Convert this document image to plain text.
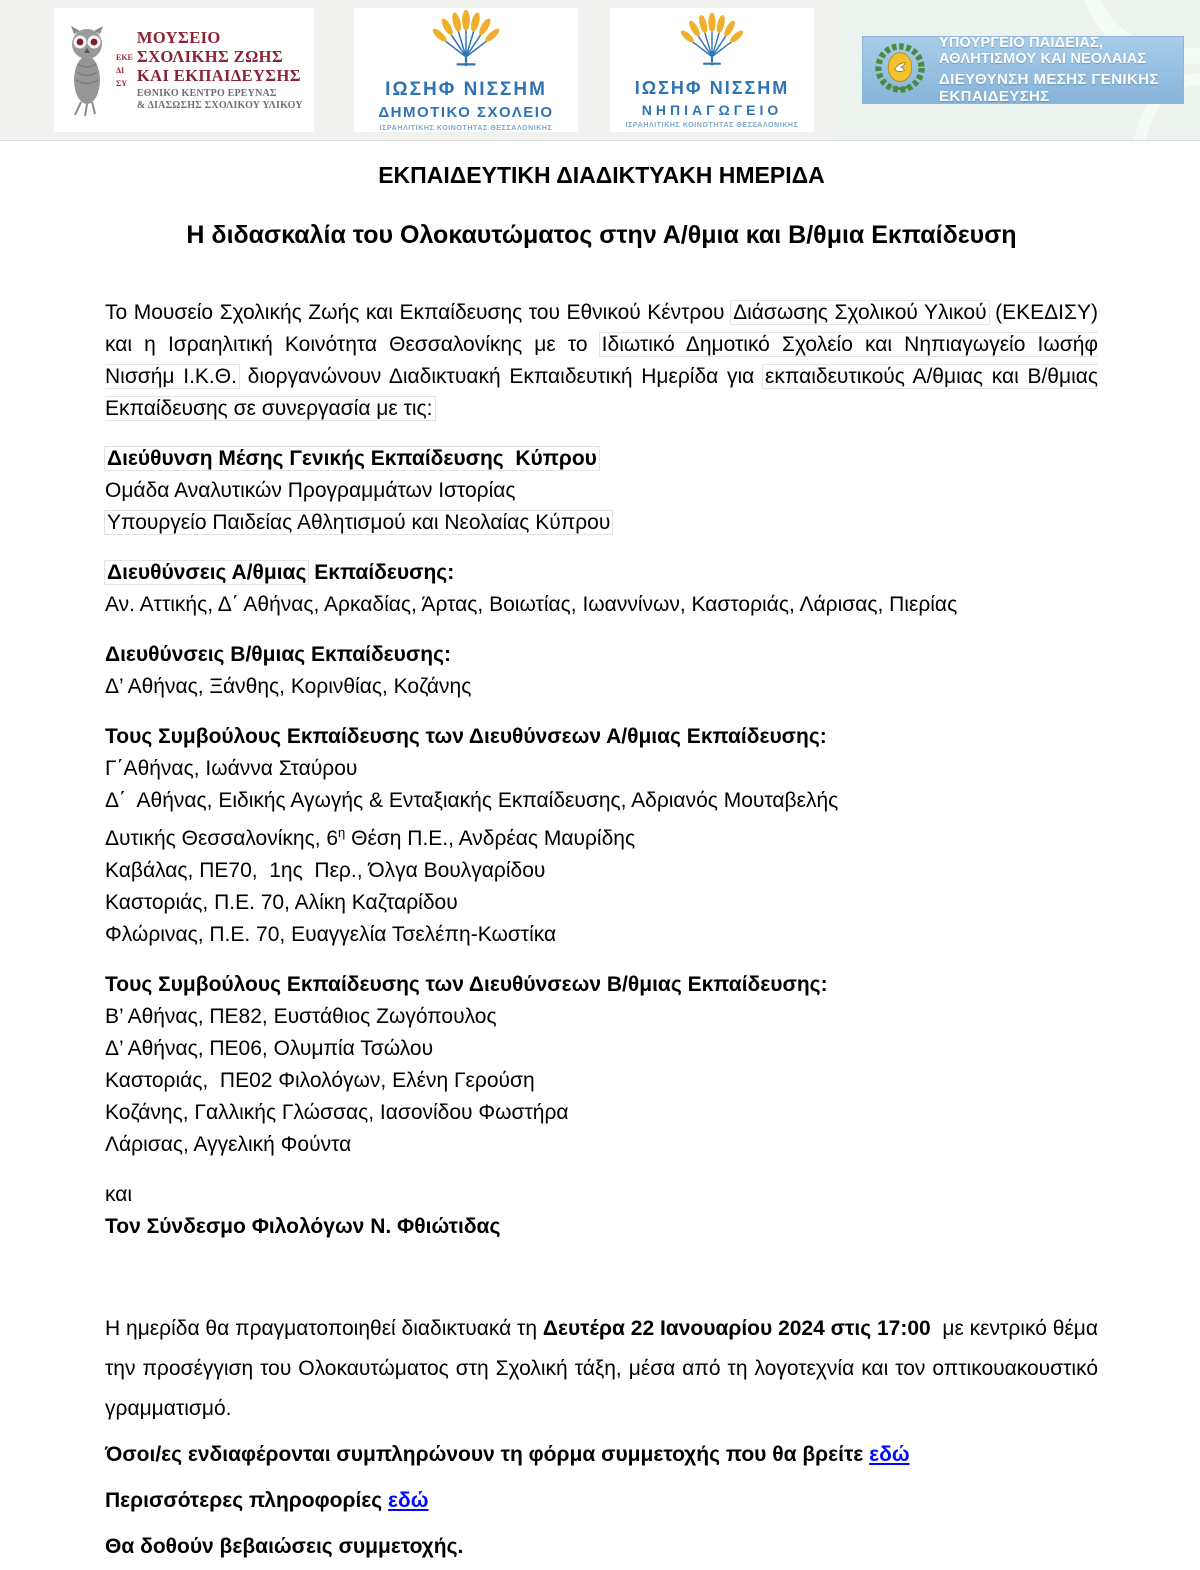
ΕΚΕ
ΔΙ
ΣΥ
ΜΟΥΣΕΙΟ
ΣΧΟΛΙΚΗΣ ΖΩΗΣ
ΚΑΙ ΕΚΠΑΙΔΕΥΣΗΣ
ΕΘΝΙΚΟ ΚΕΝΤΡΟ ΕΡΕΥΝΑΣ
& ΔΙΑΣΩΣΗΣ ΣΧΟΛΙΚΟΥ ΥΛΙΚΟΥ
ΙΩΣΗΦ ΝΙΣΣΗΜ
ΔΗΜΟΤΙΚΟ ΣΧΟΛΕΙΟ
ΙΣΡΑΗΛΙΤΙΚΗΣ ΚΟΙΝΟΤΗΤΑΣ ΘΕΣΣΑΛΟΝΙΚΗΣ
ΙΩΣΗΦ ΝΙΣΣΗΜ
ΝΗΠΙΑΓΩΓΕΙΟ
ΙΣΡΑΗΛΙΤΙΚΗΣ ΚΟΙΝΟΤΗΤΑΣ ΘΕΣΣΑΛΟΝΙΚΗΣ
ΥΠΟΥΡΓΕΙΟ ΠΑΙΔΕΙΑΣ, ΑΘΛΗΤΙΣΜΟΥ ΚΑΙ ΝΕΟΛΑΙΑΣ
ΔΙΕΥΘΥΝΣΗ ΜΕΣΗΣ ΓΕΝΙΚΗΣ ΕΚΠΑΙΔΕΥΣΗΣ
ΕΚΠΑΙΔΕΥΤΙΚΗ ΔΙΑΔΙΚΤΥΑΚΗ ΗΜΕΡΙΔΑ
Η διδασκαλία του Ολοκαυτώματος στην Α/θμια και Β/θμια Εκπαίδευση

Το Μουσείο Σχολικής Ζωής και Εκπαίδευσης του Εθνικού Κέντρου Διάσωσης Σχολικού Υλικού (ΕΚΕΔΙΣΥ) και η Ισραηλιτική Κοινότητα Θεσσαλονίκης με το Ιδιωτικό Δημοτικό Σχολείο και Νηπιαγωγείο Ιωσήφ Νισσήμ Ι.Κ.Θ. διοργανώνουν Διαδικτυακή Εκπαιδευτική Ημερίδα για εκπαιδευτικούς Α/θμιας και Β/θμιας Εκπαίδευσης σε συνεργασία με τις:

Διεύθυνση Μέσης Γενικής Εκπαίδευσης  Κύπρου

Ομάδα Αναλυτικών Προγραμμάτων Ιστορίας

Υπουργείο Παιδείας Αθλητισμού και Νεολαίας Κύπρου

Διευθύνσεις Α/θμιας Εκπαίδευσης:

Αν. Αττικής, Δ΄ Αθήνας, Αρκαδίας, Άρτας, Βοιωτίας, Ιωαννίνων, Καστοριάς, Λάρισας, Πιερίας

Διευθύνσεις Β/θμιας Εκπαίδευσης:

Δ’ Αθήνας, Ξάνθης, Κορινθίας, Κοζάνης

Τους Συμβούλους Εκπαίδευσης των Διευθύνσεων Α/θμιας Εκπαίδευσης:

Γ΄Αθήνας, Ιωάννα Σταύρου

Δ΄  Αθήνας, Ειδικής Αγωγής & Ενταξιακής Εκπαίδευσης, Αδριανός Μουταβελής

Δυτικής Θεσσαλονίκης, $6^\eta$ Θέση Π.Ε., Ανδρέας Μαυρίδης

Καβάλας, ΠΕ70,  1ης  Περ., Όλγα Βουλγαρίδου

Καστοριάς, Π.Ε. 70, Αλίκη Καζταρίδου

Φλώρινας, Π.Ε. 70, Ευαγγελία Τσελέπη-Κωστίκα

Τους Συμβούλους Εκπαίδευσης των Διευθύνσεων Β/θμιας Εκπαίδευσης:

Β’ Αθήνας, ΠΕ82, Ευστάθιος Ζωγόπουλος

Δ’ Αθήνας, ΠΕ06, Ολυμπία Τσώλου

Καστοριάς,  ΠΕ02 Φιλολόγων, Ελένη Γερούση

Κοζάνης, Γαλλικής Γλώσσας, Ιασονίδου Φωστήρα

Λάρισας, Αγγελική Φούντα

και

Τον Σύνδεσμο Φιλολόγων Ν. Φθιώτιδας

Η ημερίδα θα πραγματοποιηθεί διαδικτυακά τη Δευτέρα 22 Ιανουαρίου 2024 στις 17:00  με κεντρικό θέμα την προσέγγιση του Ολοκαυτώματος στη Σχολική τάξη, μέσα από τη λογοτεχνία και τον οπτικουακουστικό γραμματισμό.

Όσοι/ες ενδιαφέρονται συμπληρώνουν τη φόρμα συμμετοχής που θα βρείτε εδώ

Περισσότερες πληροφορίες εδώ

Θα δοθούν βεβαιώσεις συμμετοχής.
